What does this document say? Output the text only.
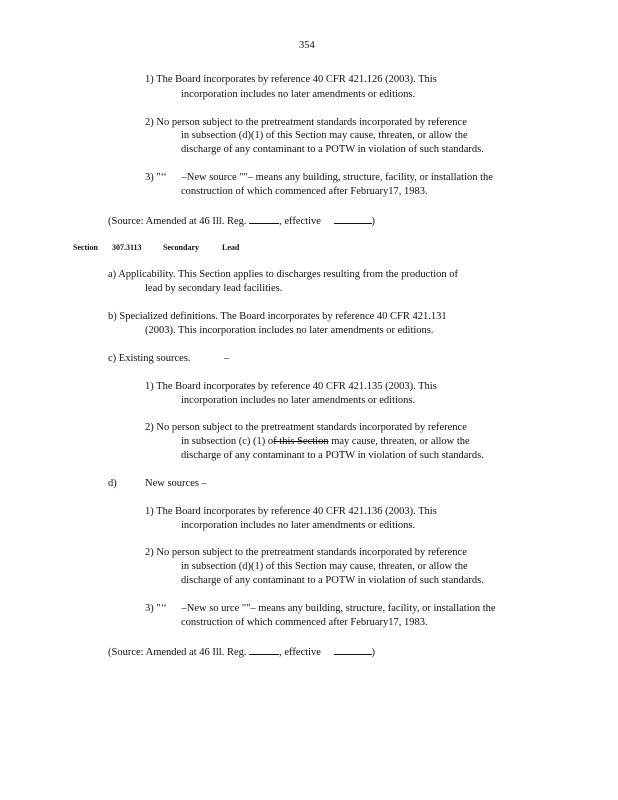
354
1) The Board incorporates by reference 40 CFR 421.126 (2003). This
incorporation includes no later amendments or editions.
2) No person subject to the pretreatment standards incorporated by reference
in subsection (d)(1) of this Section may cause, threaten, or allow the
discharge of any contaminant to a POTW in violation of such standards.
3) "‘‘ –New source ""– means any building, structure, facility, or installation the
construction of which commenced after February17, 1983.
(Source: Amended at 46 Ill. Reg.	, effective	)
Section 307.3113	Secondary	Lead
a) Applicability. This Section applies to discharges resulting from the production of
lead by secondary lead facilities.
b) Specialized definitions. The Board incorporates by reference 40 CFR 421.131
(2003). This incorporation includes no later amendments or editions.
c) Existing sources.	–
1) The Board incorporates by reference 40 CFR 421.135 (2003). This
incorporation includes no later amendments or editions.
2) No person subject to the pretreatment standards incorporated by reference
in subsection (c) (1) of this Section may cause, threaten, or allow the
discharge of any contaminant to a POTW in violation of such standards.
d)	New sources –
1) The Board incorporates by reference 40 CFR 421.136 (2003). This
incorporation includes no later amendments or editions.
2) No person subject to the pretreatment standards incorporated by reference
in subsection (d)(1) of this Section may cause, threaten, or allow the
discharge of any contaminant to a POTW in violation of such standards.
3) "‘‘ –New so urce ""– means any building, structure, facility, or installation the
construction of which commenced after February17, 1983.
(Source: Amended at 46 Ill. Reg.	, effective	)
